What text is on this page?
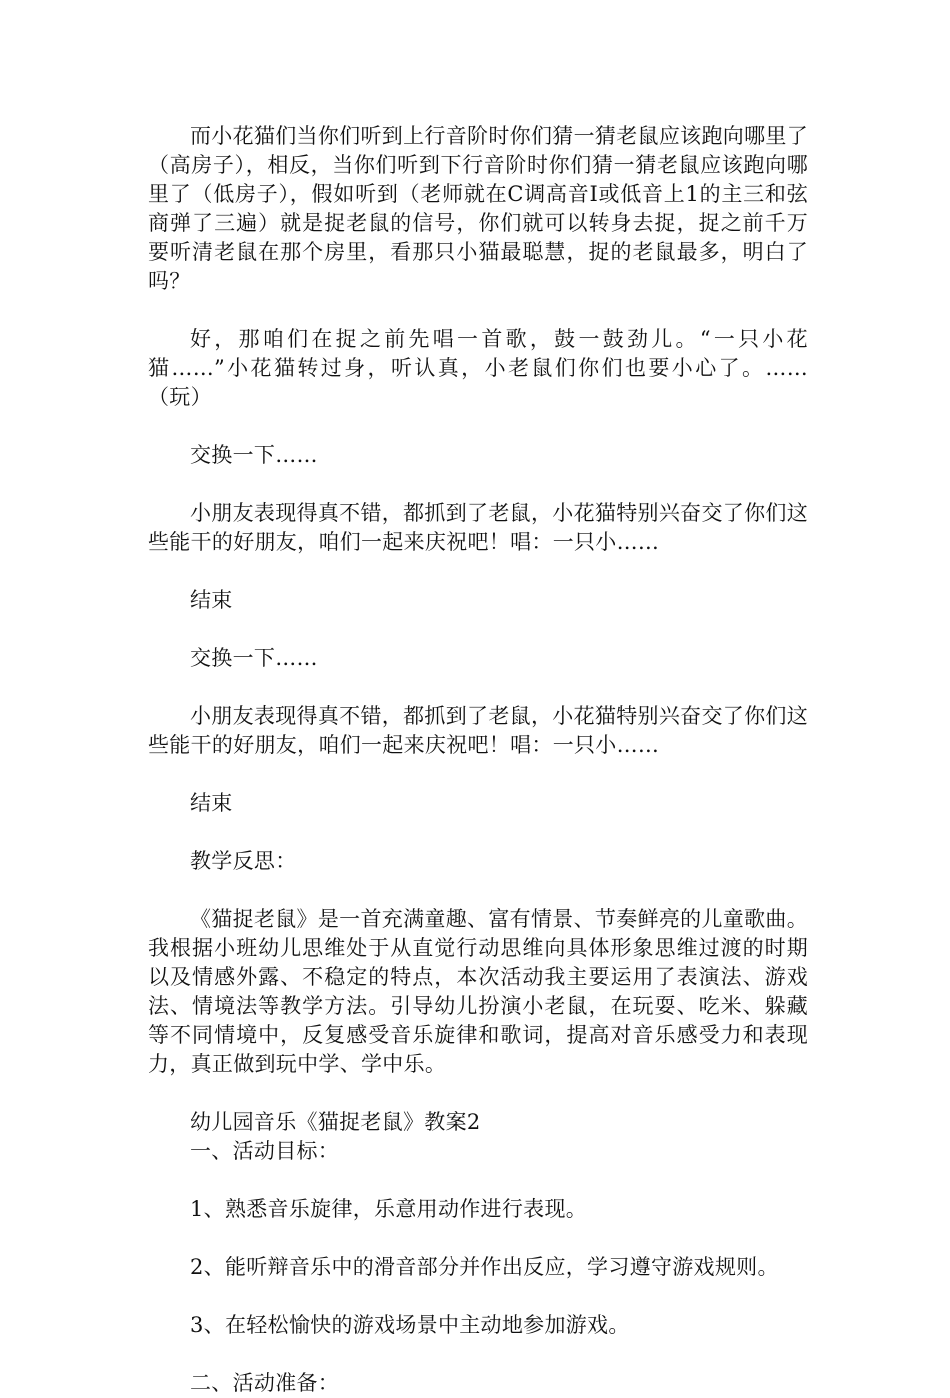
而小花猫们当你们听到上行音阶时你们猜一猜老鼠应该跑向哪里了（高房子），相反，当你们听到下行音阶时你们猜一猜老鼠应该跑向哪里了（低房子），假如听到（老师就在C调高音I或低音上1的主三和弦商弹了三遍）就是捉老鼠的信号，你们就可以转身去捉，捉之前千万要听清老鼠在那个房里，看那只小猫最聪慧，捉的老鼠最多，明白了吗？

好，那咱们在捉之前先唱一首歌，鼓一鼓劲儿。“一只小花猫……”小花猫转过身，听认真，小老鼠们你们也要小心了。……（玩）

交换一下……

小朋友表现得真不错，都抓到了老鼠，小花猫特别兴奋交了你们这些能干的好朋友，咱们一起来庆祝吧！唱：一只小……

结束

交换一下……

小朋友表现得真不错，都抓到了老鼠，小花猫特别兴奋交了你们这些能干的好朋友，咱们一起来庆祝吧！唱：一只小……

结束

教学反思：

《猫捉老鼠》是一首充满童趣、富有情景、节奏鲜亮的儿童歌曲。我根据小班幼儿思维处于从直觉行动思维向具体形象思维过渡的时期以及情感外露、不稳定的特点，本次活动我主要运用了表演法、游戏法、情境法等教学方法。引导幼儿扮演小老鼠，在玩耍、吃米、躲藏等不同情境中，反复感受音乐旋律和歌词，提高对音乐感受力和表现力，真正做到玩中学、学中乐。

幼儿园音乐《猫捉老鼠》教案2

一、活动目标：

1、熟悉音乐旋律，乐意用动作进行表现。

2、能听辩音乐中的滑音部分并作出反应，学习遵守游戏规则。

3、在轻松愉快的游戏场景中主动地参加游戏。

二、活动准备：
